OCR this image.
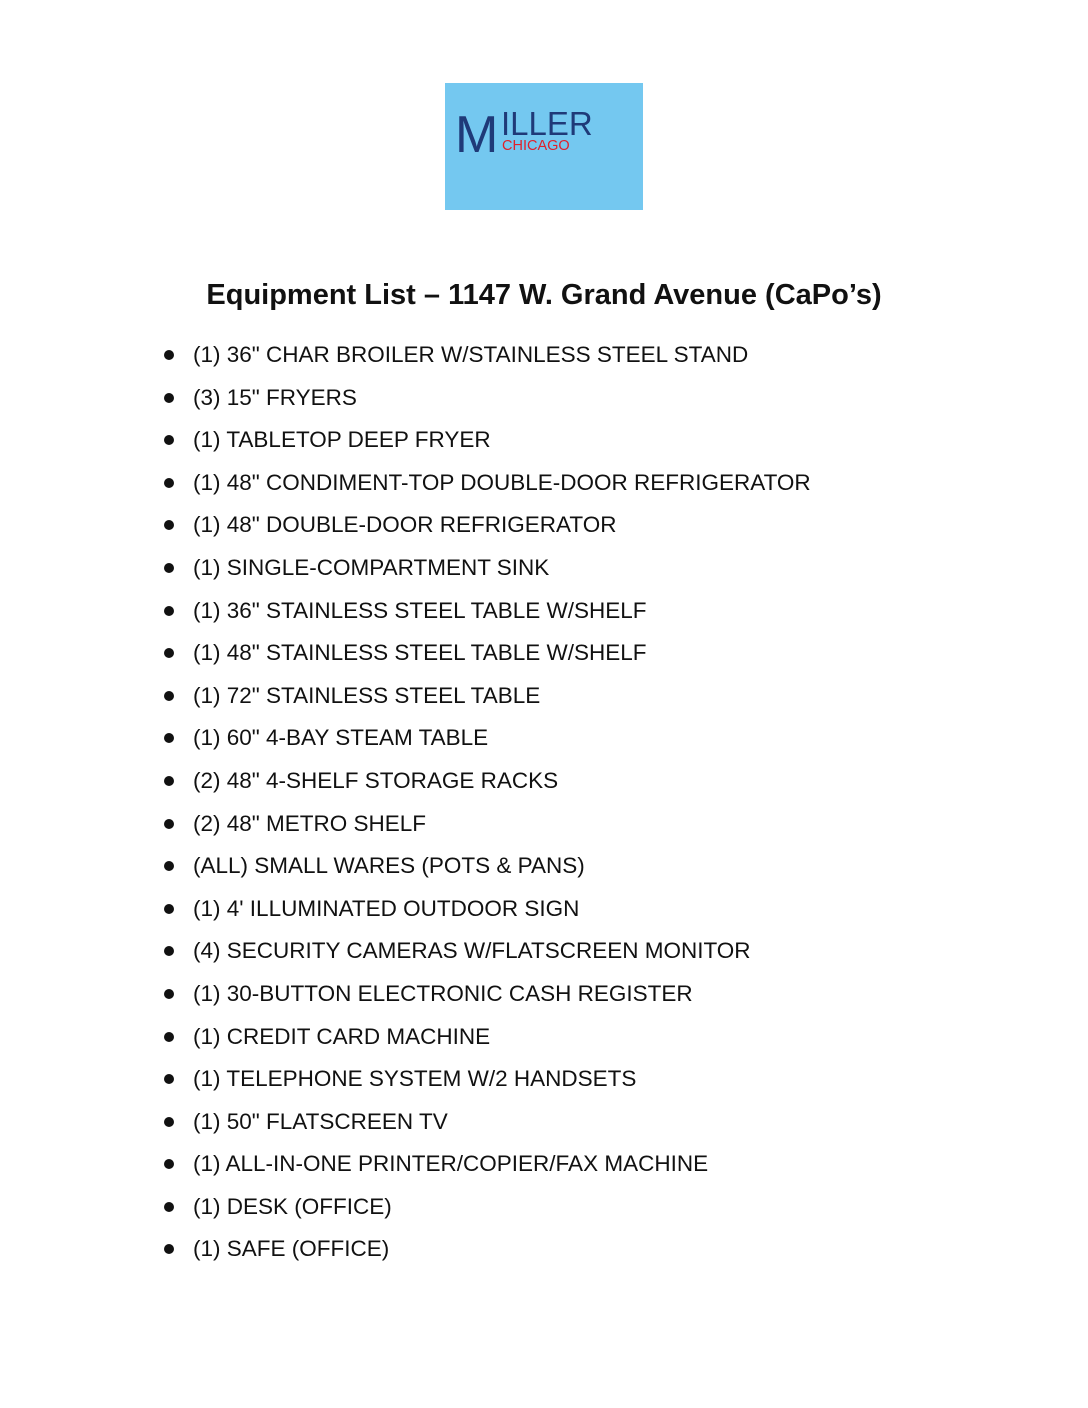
M ILLER
CHICAGO
Equipment List – 1147 W. Grand Avenue (CaPo’s)
(1) 36" CHAR BROILER W/STAINLESS STEEL STAND
(3) 15" FRYERS
(1) TABLETOP DEEP FRYER
(1) 48" CONDIMENT-TOP DOUBLE-DOOR REFRIGERATOR
(1) 48" DOUBLE-DOOR REFRIGERATOR
(1) SINGLE-COMPARTMENT SINK
(1) 36" STAINLESS STEEL TABLE W/SHELF
(1) 48" STAINLESS STEEL TABLE W/SHELF
(1) 72" STAINLESS STEEL TABLE
(1) 60" 4-BAY STEAM TABLE
(2) 48" 4-SHELF STORAGE RACKS
(2) 48" METRO SHELF
(ALL) SMALL WARES (POTS & PANS)
(1) 4' ILLUMINATED OUTDOOR SIGN
(4) SECURITY CAMERAS W/FLATSCREEN MONITOR
(1) 30-BUTTON ELECTRONIC CASH REGISTER
(1) CREDIT CARD MACHINE
(1) TELEPHONE SYSTEM W/2 HANDSETS
(1) 50" FLATSCREEN TV
(1) ALL-IN-ONE PRINTER/COPIER/FAX MACHINE
(1) DESK (OFFICE)
(1) SAFE (OFFICE)
